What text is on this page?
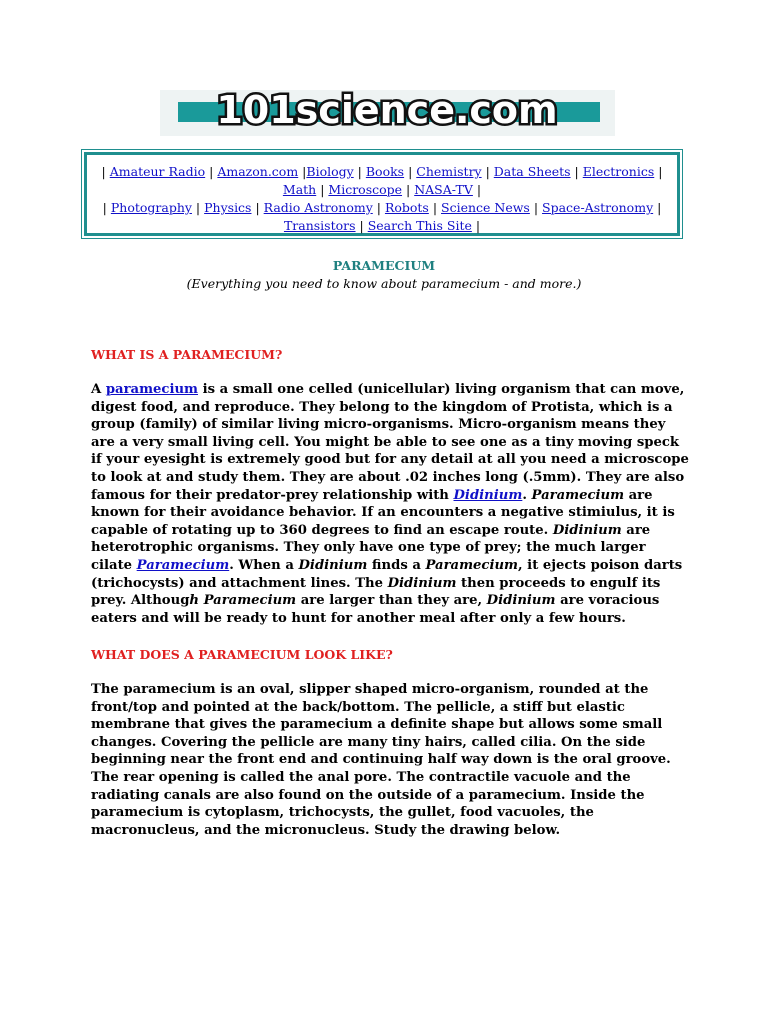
101science.com
| Amateur Radio | Amazon.com |Biology | Books | Chemistry | Data Sheets | Electronics |
Math | Microscope | NASA-TV |
| Photography | Physics | Radio Astronomy | Robots | Science News | Space-Astronomy |
Transistors | Search This Site |
PARAMECIUM
(Everything you need to know about paramecium - and more.)
WHAT IS A PARAMECIUM?
A paramecium is a small one celled (unicellular) living organism that can move, digest food, and reproduce. They belong to the kingdom of Protista, which is a group (family) of similar living micro-organisms. Micro-organism means they are a very small living cell. You might be able to see one as a tiny moving speck if your eyesight is extremely good but for any detail at all you need a microscope to look at and study them. They are about .02 inches long (.5mm). They are also famous for their predator-prey relationship with Didinium. Paramecium are known for their avoidance behavior. If an encounters a negative stimiulus, it is capable of rotating up to 360 degrees to find an escape route. Didinium are heterotrophic organisms. They only have one type of prey; the much larger cilate Paramecium. When a Didinium finds a Paramecium, it ejects poison darts (trichocysts) and attachment lines. The Didinium then proceeds to engulf its prey. Although Paramecium are larger than they are, Didinium are voracious eaters and will be ready to hunt for another meal after only a few hours.
WHAT DOES A PARAMECIUM LOOK LIKE?
The paramecium is an oval, slipper shaped micro-organism, rounded at the front/top and pointed at the back/bottom. The pellicle, a stiff but elastic membrane that gives the paramecium a definite shape but allows some small changes. Covering the pellicle are many tiny hairs, called cilia. On the side beginning near the front end and continuing half way down is the oral groove. The rear opening is called the anal pore. The contractile vacuole and the radiating canals are also found on the outside of a paramecium. Inside the paramecium is cytoplasm, trichocysts, the gullet, food vacuoles, the macronucleus, and the micronucleus. Study the drawing below.
